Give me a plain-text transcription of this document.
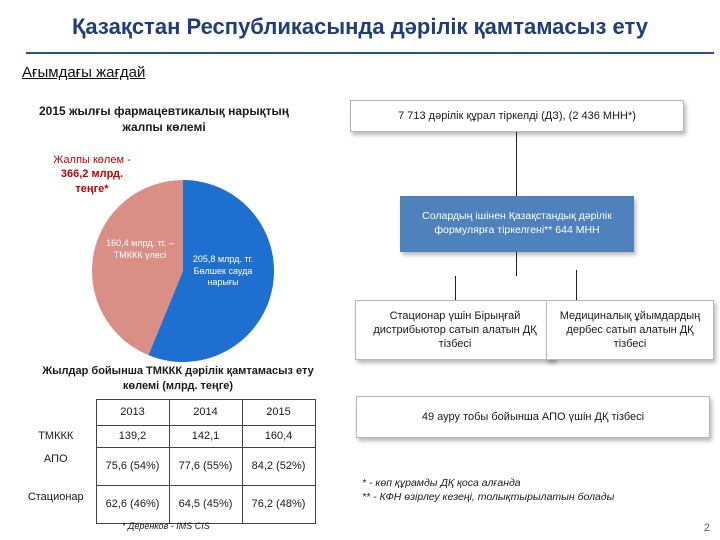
Қазақстан Республикасында дәрілік қамтамасыз ету
Ағымдағы жағдай
2015 жылғы фармацевтикалық нарықтың жалпы көлемі
Жалпы көлем -
366,2 млрд.
теңге*
160,4 млрд. тг. – ТМККК үлесі	205,8 млрд. тг. Бөлшек сауда нарығы
7 713 дәрілік құрал тіркелді (ДЗ), (2 436 МНН*)
Солардың ішінен Қазақстандық дәрілік формулярға тіркелгені** 644 МНН
Стационар үшін Бірыңғай дистрибьютор сатып алатын ДҚ тізбесі
Медициналық ұйымдардың дербес сатып алатын ДҚ тізбесі
49 ауру тобы бойынша АПО үшін ДҚ тізбесі
Жылдар бойынша ТМККК дәрілік қамтамасыз ету көлемі (млрд. теңге)
	2013	2014	2015
ТМККК	139,2	142,1	160,4
АПО	75,6 (54%)	77,6 (55%)	84,2 (52%)
Стационар	62,6 (46%)	64,5 (45%)	76,2 (48%)
* Деренков - IMS CIS
* - көп құрамды ДҚ қоса алғанда
** - КФН өзірлеу кезеңі, толықтырылатын болады
2
